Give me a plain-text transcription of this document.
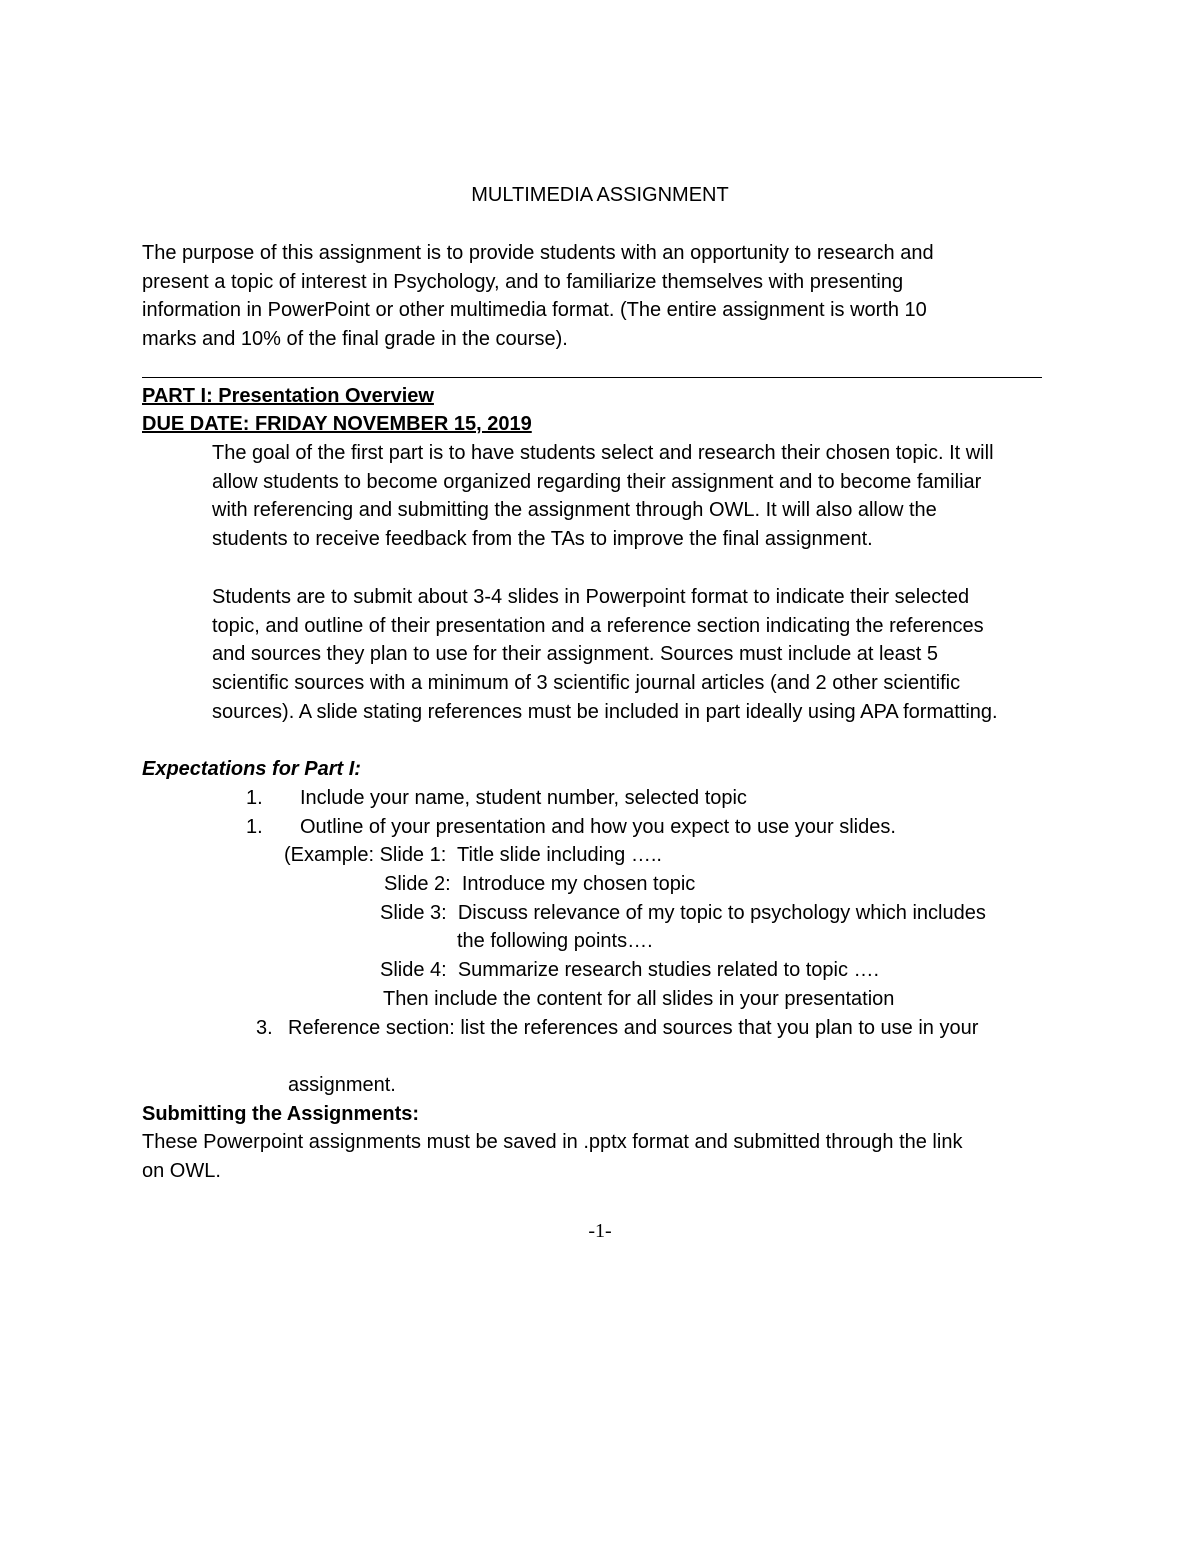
MULTIMEDIA ASSIGNMENT
The purpose of this assignment is to provide students with an opportunity to research and
present a topic of interest in Psychology, and to familiarize themselves with presenting
information in PowerPoint or other multimedia format. (The entire assignment is worth 10
marks and 10% of the final grade in the course).
PART I: Presentation Overview
DUE DATE: FRIDAY NOVEMBER 15, 2019
The goal of the first part is to have students select and research their chosen topic. It will
allow students to become organized regarding their assignment and to become familiar
with referencing and submitting the assignment through OWL. It will also allow the
students to receive feedback from the TAs to improve the final assignment.
Students are to submit about 3-4 slides in Powerpoint format to indicate their selected
topic, and outline of their presentation and a reference section indicating the references
and sources they plan to use for their assignment. Sources must include at least 5
scientific sources with a minimum of 3 scientific journal articles (and 2 other scientific
sources). A slide stating references must be included in part ideally using APA formatting.
Expectations for Part I:
1. Include your name, student number, selected topic
1. Outline of your presentation and how you expect to use your slides.
(Example: Slide 1:  Title slide including …..
Slide 2:  Introduce my chosen topic
Slide 3:  Discuss relevance of my topic to psychology which includes
the following points….
Slide 4:  Summarize research studies related to topic ….
Then include the content for all slides in your presentation
3. Reference section: list the references and sources that you plan to use in your
assignment.
Submitting the Assignments:
These Powerpoint assignments must be saved in .pptx format and submitted through the link
on OWL.
-1-
